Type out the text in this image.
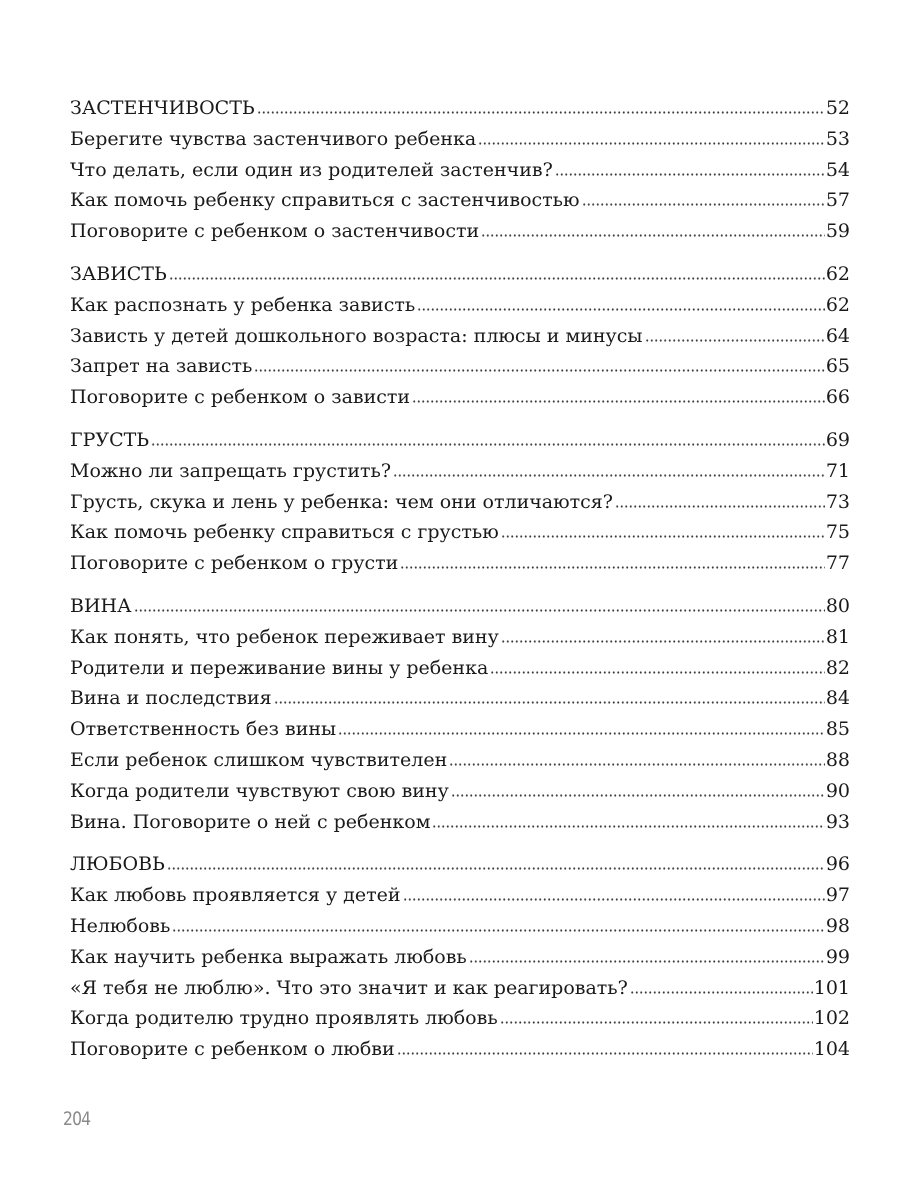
ЗАСТЕНЧИВОСТЬ	52
Берегите чувства застенчивого ребенка	53
Что делать, если один из родителей застенчив?	54
Как помочь ребенку справиться с застенчивостью	57
Поговорите с ребенком о застенчивости	59
ЗАВИСТЬ	62
Как распознать у ребенка зависть	62
Зависть у детей дошкольного возраста: плюсы и минусы	64
Запрет на зависть	65
Поговорите с ребенком о зависти	66
ГРУСТЬ	69
Можно ли запрещать грустить?	71
Грусть, скука и лень у ребенка: чем они отличаются?	73
Как помочь ребенку справиться с грустью	75
Поговорите с ребенком о грусти	77
ВИНА	80
Как понять, что ребенок переживает вину	81
Родители и переживание вины у ребенка	82
Вина и последствия	84
Ответственность без вины	85
Если ребенок слишком чувствителен	88
Когда родители чувствуют свою вину	90
Вина. Поговорите о ней с ребенком	93
ЛЮБОВЬ	96
Как любовь проявляется у детей	97
Нелюбовь	98
Как научить ребенка выражать любовь	99
«Я тебя не люблю». Что это значит и как реагировать?	101
Когда родителю трудно проявлять любовь	102
Поговорите с ребенком о любви	104
204
